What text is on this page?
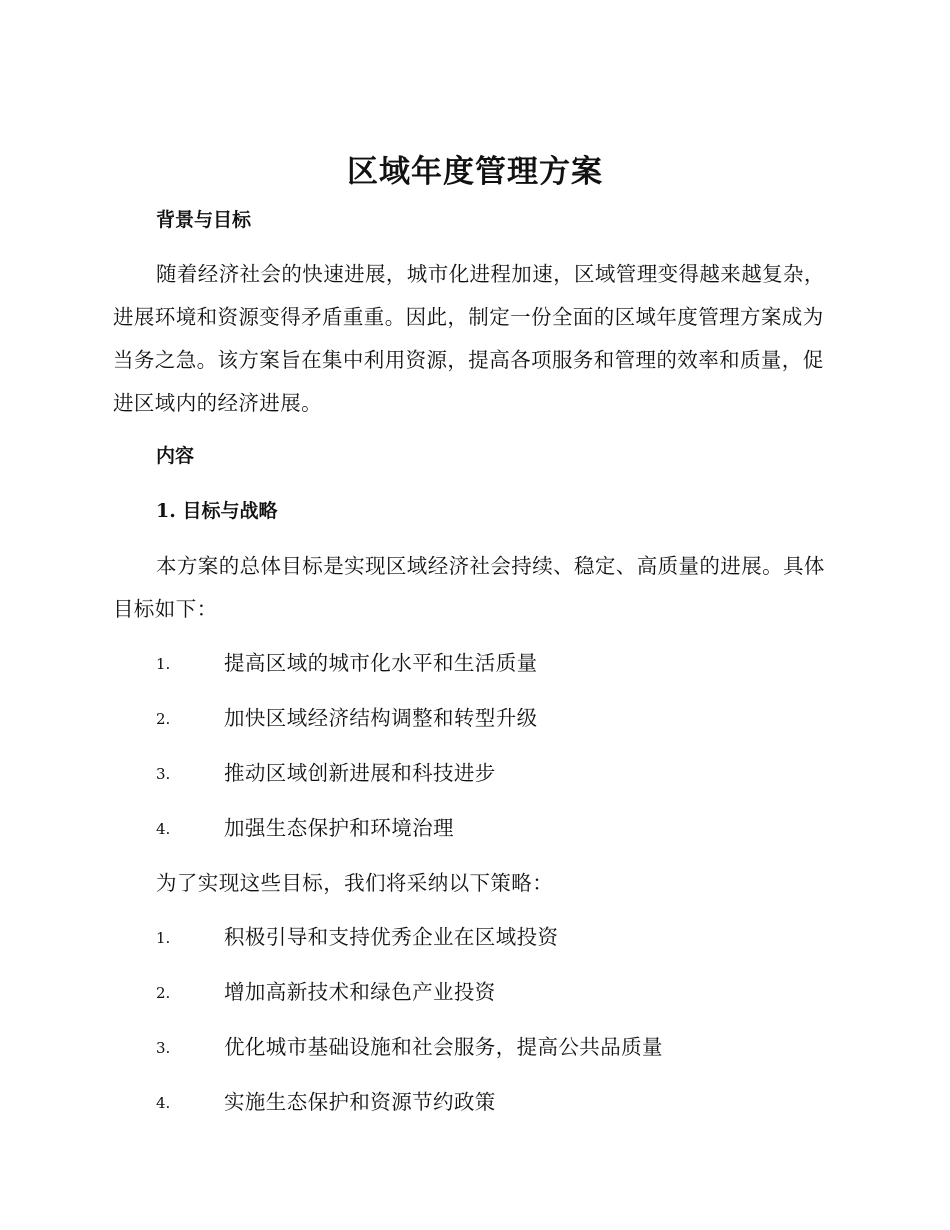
区域年度管理方案
背景与目标

随着经济社会的快速进展，城市化进程加速，区域管理变得越来越复杂，进展环境和资源变得矛盾重重。因此，制定一份全面的区域年度管理方案成为当务之急。该方案旨在集中利用资源，提高各项服务和管理的效率和质量，促进区域内的经济进展。

内容
1. 目标与战略

本方案的总体目标是实现区域经济社会持续、稳定、高质量的进展。具体目标如下：

1.	提高区域的城市化水平和生活质量
2.	加快区域经济结构调整和转型升级
3.	推动区域创新进展和科技进步
4.	加强生态保护和环境治理

为了实现这些目标，我们将采纳以下策略：

1.	积极引导和支持优秀企业在区域投资
2.	增加高新技术和绿色产业投资
3.	优化城市基础设施和社会服务，提高公共品质量
4.	实施生态保护和资源节约政策
